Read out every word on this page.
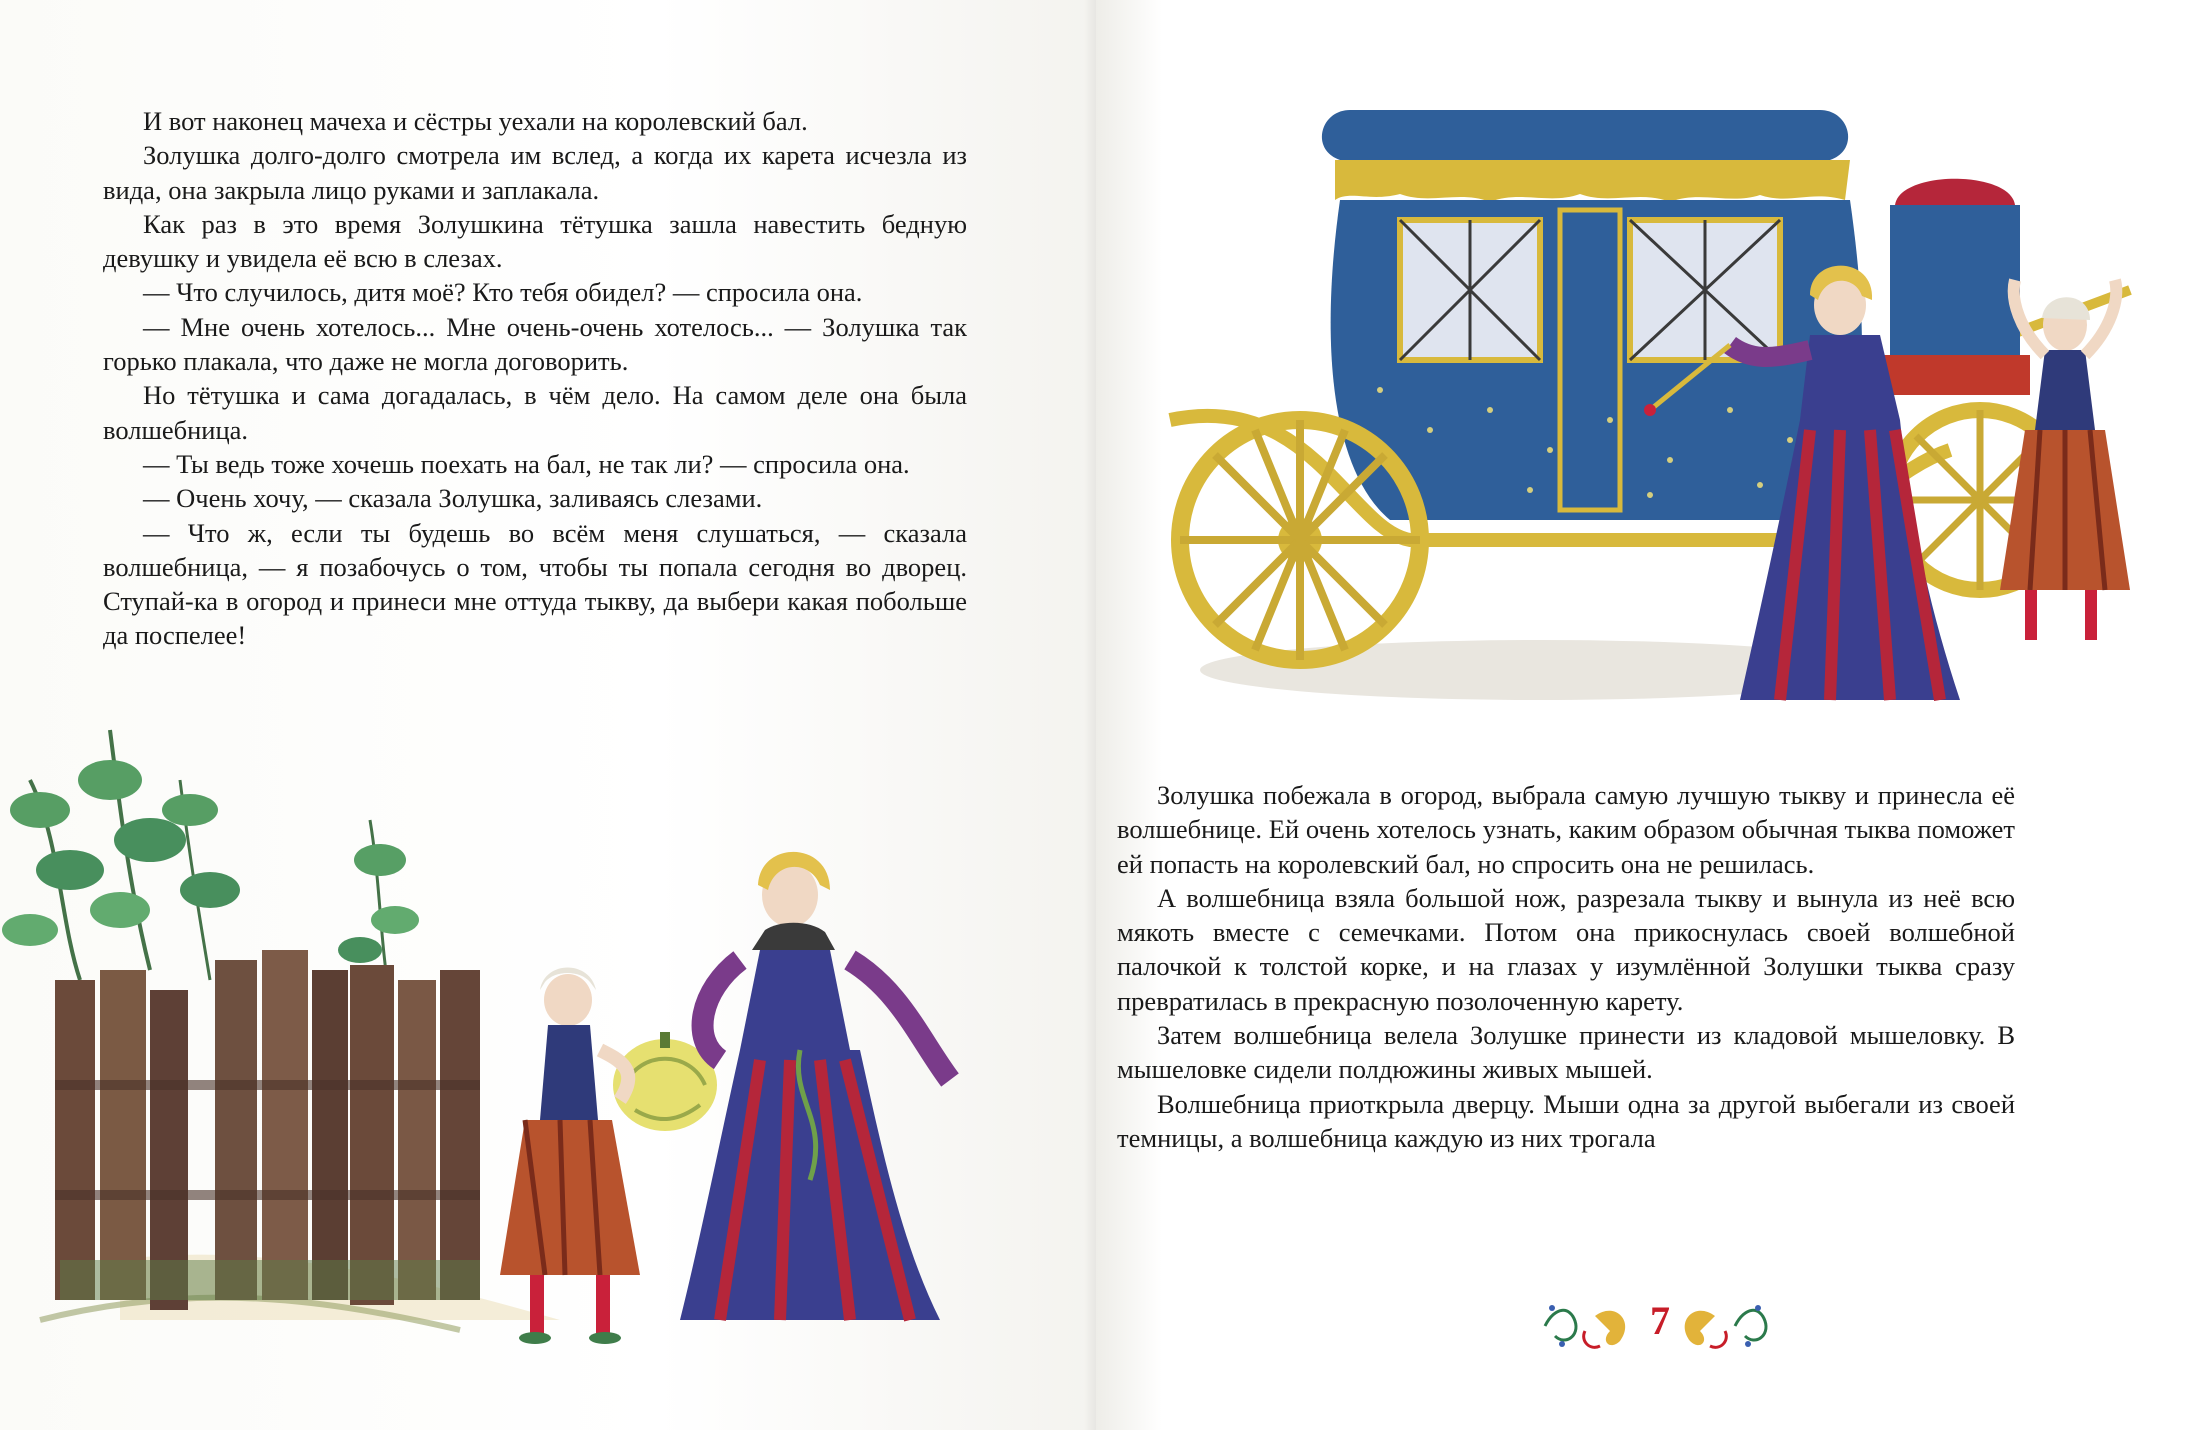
И вот наконец мачеха и сёстры уехали на королевский бал.

Золушка долго-долго смотрела им вслед, а когда их карета исчезла из вида, она закрыла лицо руками и заплакала.

Как раз в это время Золушкина тётушка зашла навестить бедную девушку и увидела её всю в слезах.

— Что случилось, дитя моё? Кто тебя обидел? — спросила она.

— Мне очень хотелось... Мне очень-очень хотелось... — Золушка так горько плакала, что даже не могла договорить.

Но тётушка и сама догадалась, в чём дело. На самом деле она была волшебница.

— Ты ведь тоже хочешь поехать на бал, не так ли? — спросила она.

— Очень хочу, — сказала Золушка, заливаясь слезами.

— Что ж, если ты будешь во всём меня слушаться, — сказала волшебница, — я позабочусь о том, чтобы ты попала сегодня во дворец. Ступай-ка в огород и принеси мне оттуда тыкву, да выбери какая побольше да поспелее!

Золушка побежала в огород, выбрала самую лучшую тыкву и принесла её волшебнице. Ей очень хотелось узнать, каким образом обычная тыква поможет ей попасть на королевский бал, но спросить она не решилась.

А волшебница взяла большой нож, разрезала тыкву и вынула из неё всю мякоть вместе с семечками. Потом она прикоснулась своей волшебной палочкой к толстой корке, и на глазах у изумлённой Золушки тыква сразу превратилась в прекрасную позолоченную карету.

Затем волшебница велела Золушке принести из кладовой мышеловку. В мышеловке сидели полдюжины живых мышей.

Волшебница приоткрыла дверцу. Мыши одна за другой выбегали из своей темницы, а волшебница каждую из них трогала

7
